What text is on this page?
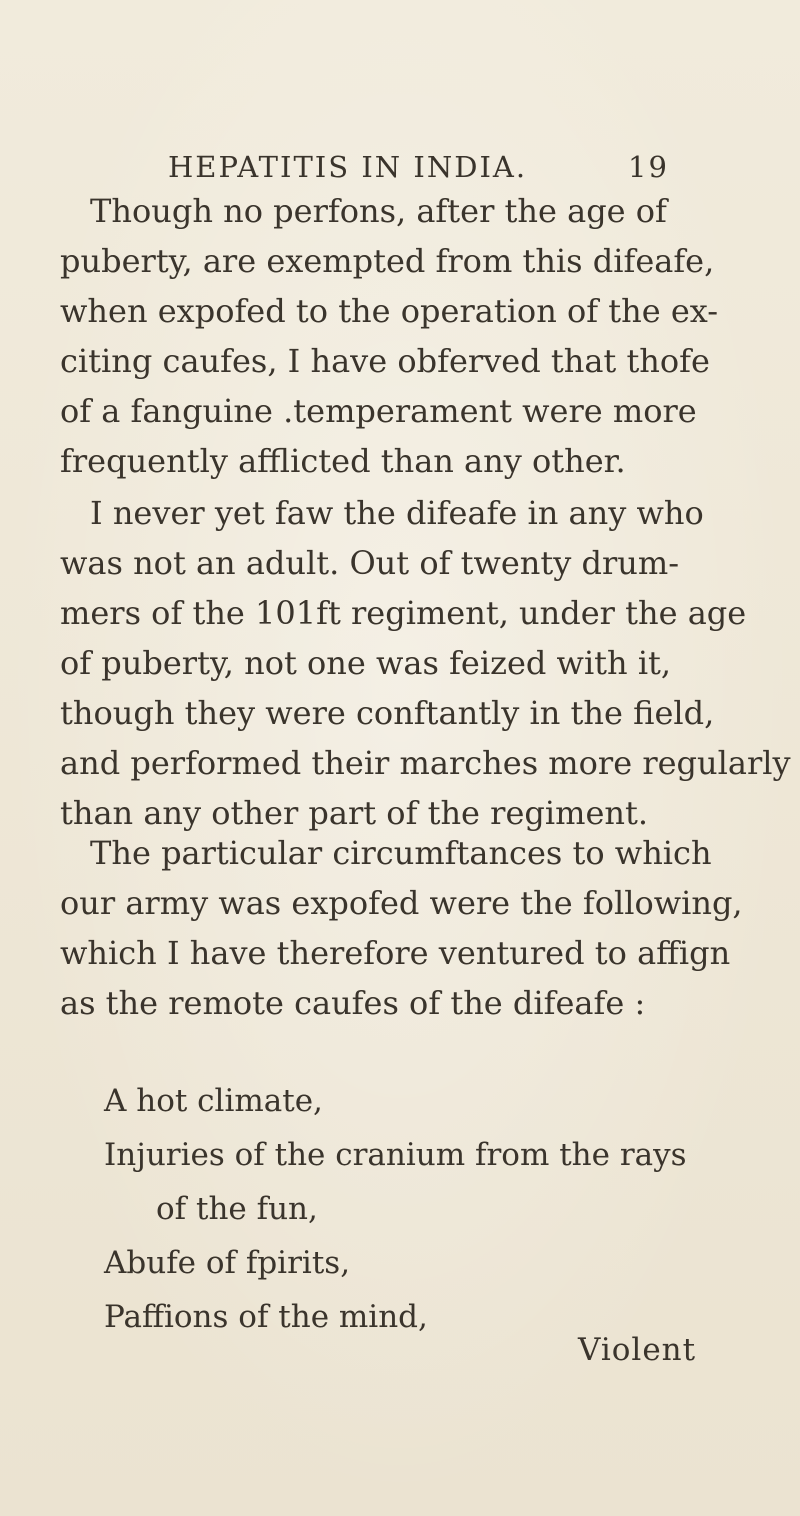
HEPATITIS IN INDIA.	19
Though no perfons, after the age of
puberty, are exempted from this difeafe,
when expofed to the operation of the ex-
citing caufes, I have obferved that thofe
of a fanguine .temperament were more
frequently afflicted than any other.
I never yet faw the difeafe in any who
was not an adult. Out of twenty drum-
mers of the 101ft regiment, under the age
of puberty, not one was feized with it,
though they were conftantly in the field,
and performed their marches more regularly
than any other part of the regiment.
The particular circumftances to which
our army was expofed were the following,
which I have therefore ventured to affign
as the remote caufes of the difeafe :
A hot climate,
Injuries of the cranium from the rays
of the fun,
Abufe of fpirits,
Paffions of the mind,
Violent
